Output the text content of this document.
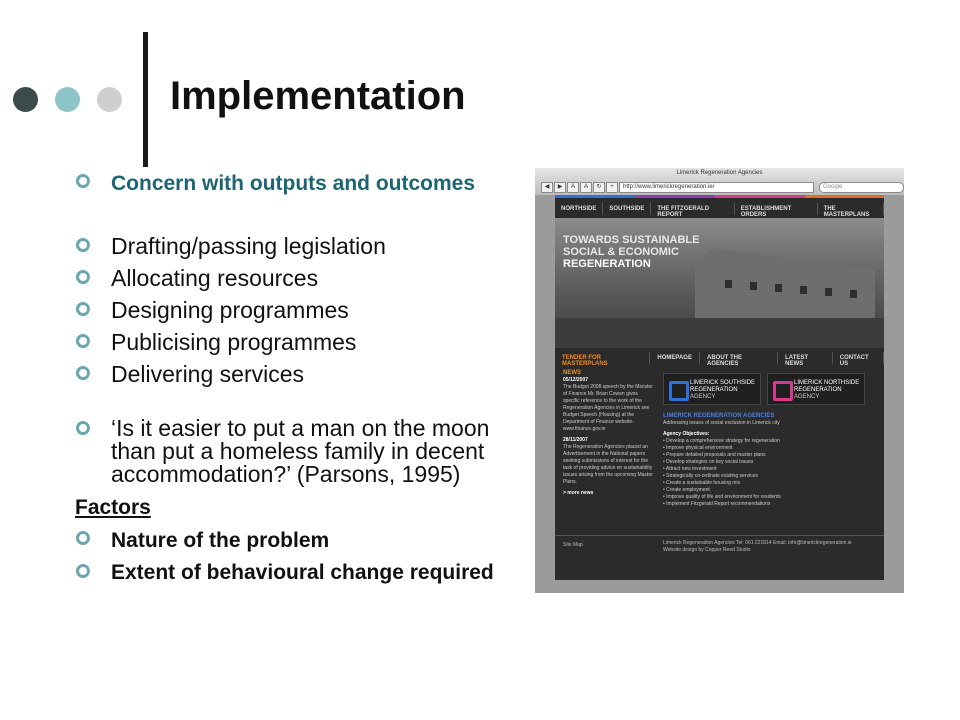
Implementation
Concern with outputs and outcomes
Drafting/passing legislation
Allocating resources
Designing programmes
Publicising programmes
Delivering services
‘Is it easier to put a man on the moon than put a homeless family in decent accommodation?’ (Parsons, 1995)
Factors
Nature of the problem
Extent of behavioural change required
Limerick Regeneration Agencies
◀	▶	A	A	↻	+	http://www.limerickregeneration.ie/	Google
NORTHSIDE	SOUTHSIDE	THE FITZGERALD REPORT
ESTABLISHMENT ORDERS
THE MASTERPLANS
TOWARDS SUSTAINABLE
SOCIAL & ECONOMIC
REGENERATION
TENDER FOR MASTERPLANS
HOMEPAGE	ABOUT THE AGENCIES
LATEST NEWS
CONTACT US
NEWS
05/12/2007
The Budget 2008 speech by the Minister of Finance Mr. Brian Cowen gives specific reference to the work of the Regeneration Agencies in Limerick see Budget Speech (Housing) at the Department of Finance website- www.finance.gov.ie
28/11/2007
The Regeneration Agencies placed an Advertisement in the National papers seeking submissions of interest for the task of providing advice on sustainability issues arising from the upcoming Master Plans.
> more news
LIMERICK SOUTHSIDE
REGENERATION
AGENCY
LIMERICK NORTHSIDE
REGENERATION
AGENCY
LIMERICK REGENERATION AGENCIES
Addressing issues of social exclusion in Limerick city
Agency Objectives:
• Develop a comprehensive strategy for regeneration
• Improve physical environment
• Prepare detailed proposals and master plans
• Develop strategies on key social issues
• Attract new investment
• Strategically co-ordinate existing services
• Create a sustainable housing mix
• Create employment
• Improve quality of life and environment for residents
• Implement Fitzgerald Report recommendations
Site Map	Limerick Regeneration Agencies Tel: 061 221814 Email: info@limerickregeneration.ie
Website design by Copper Reed Studio
